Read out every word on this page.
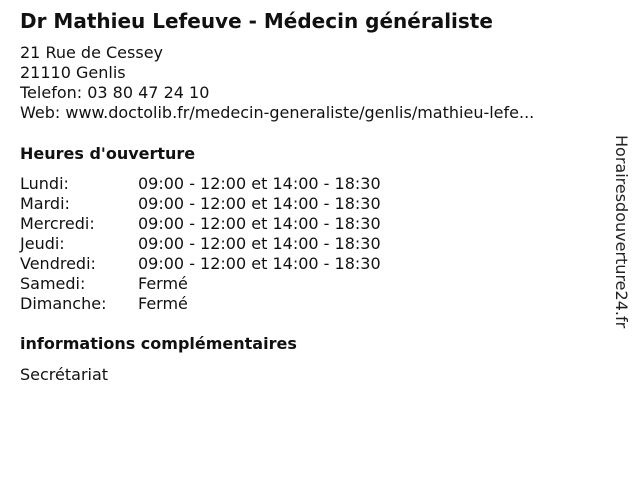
Dr Mathieu Lefeuve - Médecin généraliste
21 Rue de Cessey
21110 Genlis
Telefon: 03 80 47 24 10
Web: www.doctolib.fr/medecin-generaliste/genlis/mathieu-lefe...
Heures d'ouverture
Lundi:	09:00 - 12:00 et 14:00 - 18:30
Mardi:	09:00 - 12:00 et 14:00 - 18:30
Mercredi:	09:00 - 12:00 et 14:00 - 18:30
Jeudi:	09:00 - 12:00 et 14:00 - 18:30
Vendredi:	09:00 - 12:00 et 14:00 - 18:30
Samedi:	Fermé
Dimanche:	Fermé
informations complémentaires
Secrétariat
Horairesdouverture24.fr
